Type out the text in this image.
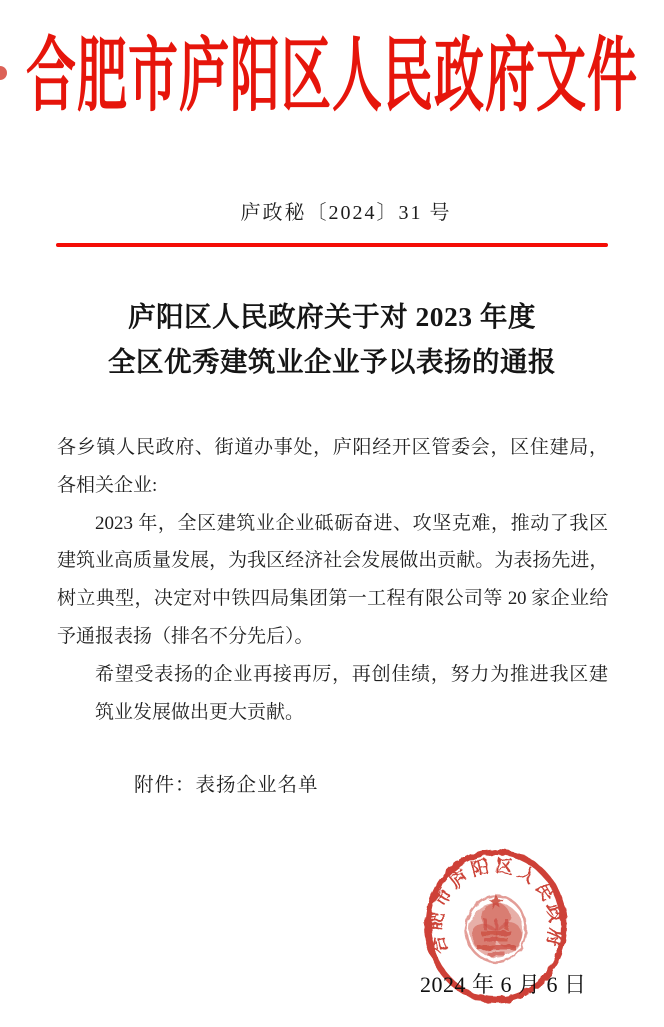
合肥市庐阳区人民政府文件
庐政秘〔2024〕31 号
庐阳区人民政府关于对 2023 年度
全区优秀建筑业企业予以表扬的通报
各乡镇人民政府、街道办事处，庐阳经开区管委会，区住建局，
各相关企业:
2023 年，全区建筑业企业砥砺奋进、攻坚克难，推动了我区
建筑业高质量发展，为我区经济社会发展做出贡献。为表扬先进，
树立典型，决定对中铁四局集团第一工程有限公司等 20 家企业给
予通报表扬（排名不分先后）。
希望受表扬的企业再接再厉，再创佳绩，努力为推进我区建
筑业发展做出更大贡献。
附件：表扬企业名单
合肥市庐阳区人民政府
2024 年 6 月 6 日
